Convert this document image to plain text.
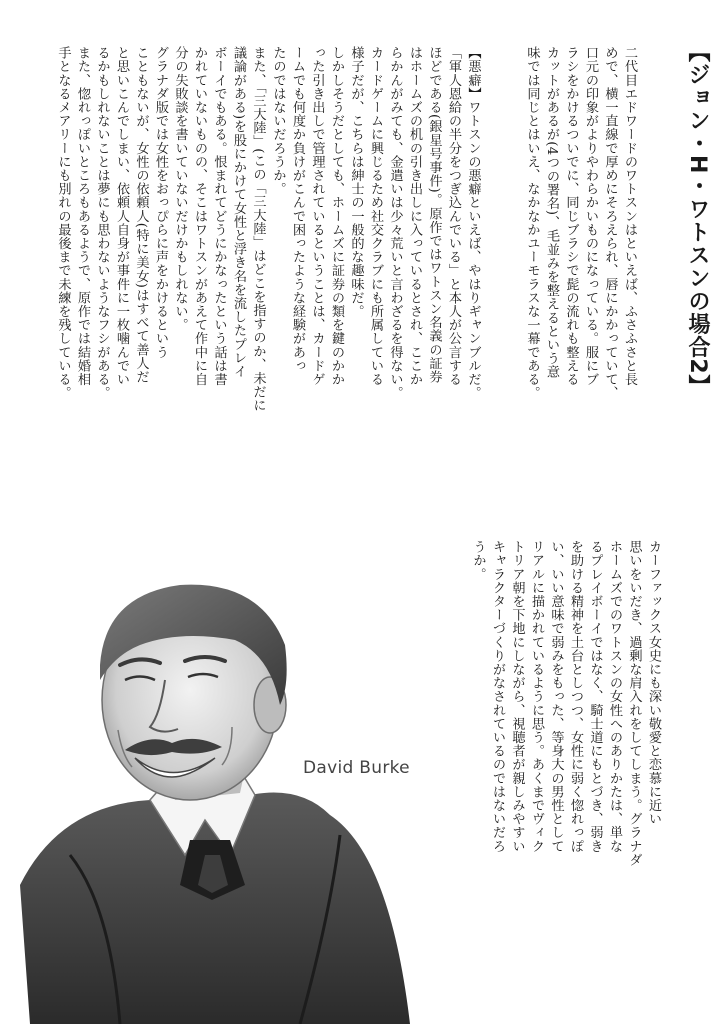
【ジョン・H・ワトスンの場合2】

二代目エドワードのワトスンはといえば、ふさふさと長

めで、横一直線で厚めにそろえられ、唇にかかっていて、

口元の印象がよりやわらかいものになっている。服にブ

ラシをかけるついでに、同じブラシで髭の流れも整える

カットがあるが(4つの署名)、毛並みを整えるという意

味では同じとはいえ、なかなかユーモラスな一幕である。

【悪癖】ワトスンの悪癖といえば、やはりギャンブルだ。

「軍人恩給の半分をつぎ込んでいる」と本人が公言する

ほどである(銀星号事件)。原作ではワトスン名義の証券

はホームズの机の引き出しに入っているとされ、ここか

らかんがみても、金遣いは少々荒いと言わざるを得ない。

カードゲームに興じるため社交クラブにも所属している

様子だが、こちらは紳士の一般的な趣味だ。

しかしそうだとしても、ホームズに証券の類を鍵のかか

った引き出しで管理されているということは、カードゲ

ームでも何度か負けがこんで困ったような経験があっ

たのではないだろうか。

また、「三大陸」(この「三大陸」はどこを指すのか、未だに

議論がある)を股にかけて女性と浮き名を流したプレイ

ボーイでもある。恨まれてどうにかなったという話は書

かれていないものの、そこはワトスンがあえて作中に自

分の失敗談を書いていないだけかもしれない。

グラナダ版では女性をおっぴらに声をかけるという

こともないが、女性の依頼人(特に美女)はすべて善人だ

と思いこんでしまい、依頼人自身が事件に一枚噛んでい

るかもしれないことは夢にも思わないようなフシがある。

また、惚れっぽいところもあるようで、原作では結婚相

手となるメアリーにも別れの最後まで未練を残している。

カーファックス女史にも深い敬愛と恋慕に近い

思いをいだき、過剰な肩入れをしてしまう。グラナダ

ホームズでのワトスンの女性へのありかたは、単な

るプレイボーイではなく、騎士道にもとづき、弱き

を助ける精神を土台としつつ、女性に弱く惚れっぽ

い、いい意味で弱みをもった、等身大の男性として

リアルに描かれているように思う。あくまでヴィク

トリア朝を下地にしながら、視聴者が親しみやすい

キャラクターづくりがなされているのではないだろ

うか。

David Burke
